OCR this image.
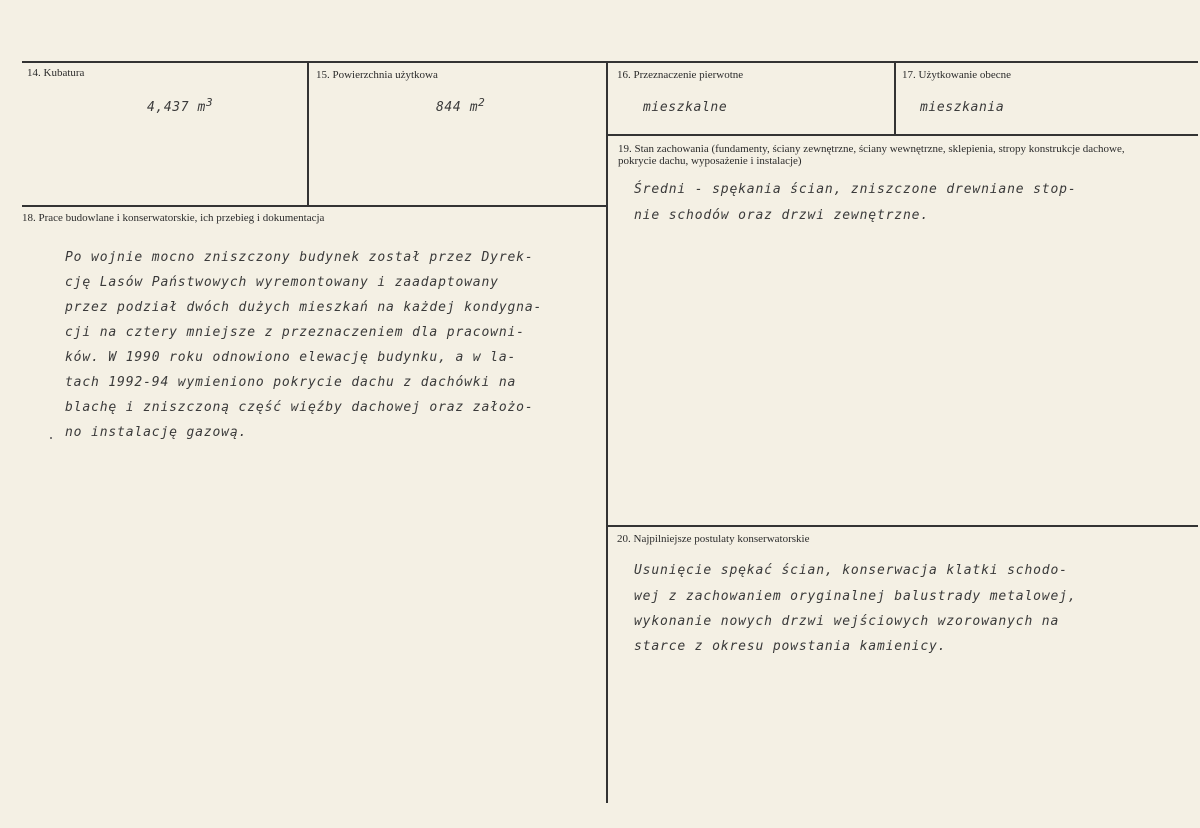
14. Kubatura
4,437 $m^3$
15. Powierzchnia użytkowa
844 $m^2$
16. Przeznaczenie pierwotne
mieszkalne
17. Użytkowanie obecne
mieszkania
18. Prace budowlane i konserwatorskie, ich przebieg i dokumentacja
Po wojnie mocno zniszczony budynek został przez Dyrek-
cję Lasów Państwowych wyremontowany i zaadaptowany
przez podział dwóch dużych mieszkań na każdej kondygna-
cji na cztery mniejsze z przeznaczeniem dla pracowni-
ków. W 1990 roku odnowiono elewację budynku, a w la-
tach 1992-94 wymieniono pokrycie dachu z dachówki na
blachę i zniszczoną część więźby dachowej oraz założo-
no instalację gazową.
19. Stan zachowania (fundamenty, ściany zewnętrzne, ściany wewnętrzne, sklepienia, stropy konstrukcje dachowe, pokrycie dachu, wyposażenie i instalacje)
Średni - spękania ścian, zniszczone drewniane stop-
nie schodów oraz drzwi zewnętrzne.
20. Najpilniejsze postulaty konserwatorskie
Usunięcie spękać ścian, konserwacja klatki schodo-
wej z zachowaniem oryginalnej balustrady metalowej,
wykonanie nowych drzwi wejściowych wzorowanych na
starce z okresu powstania kamienicy.
